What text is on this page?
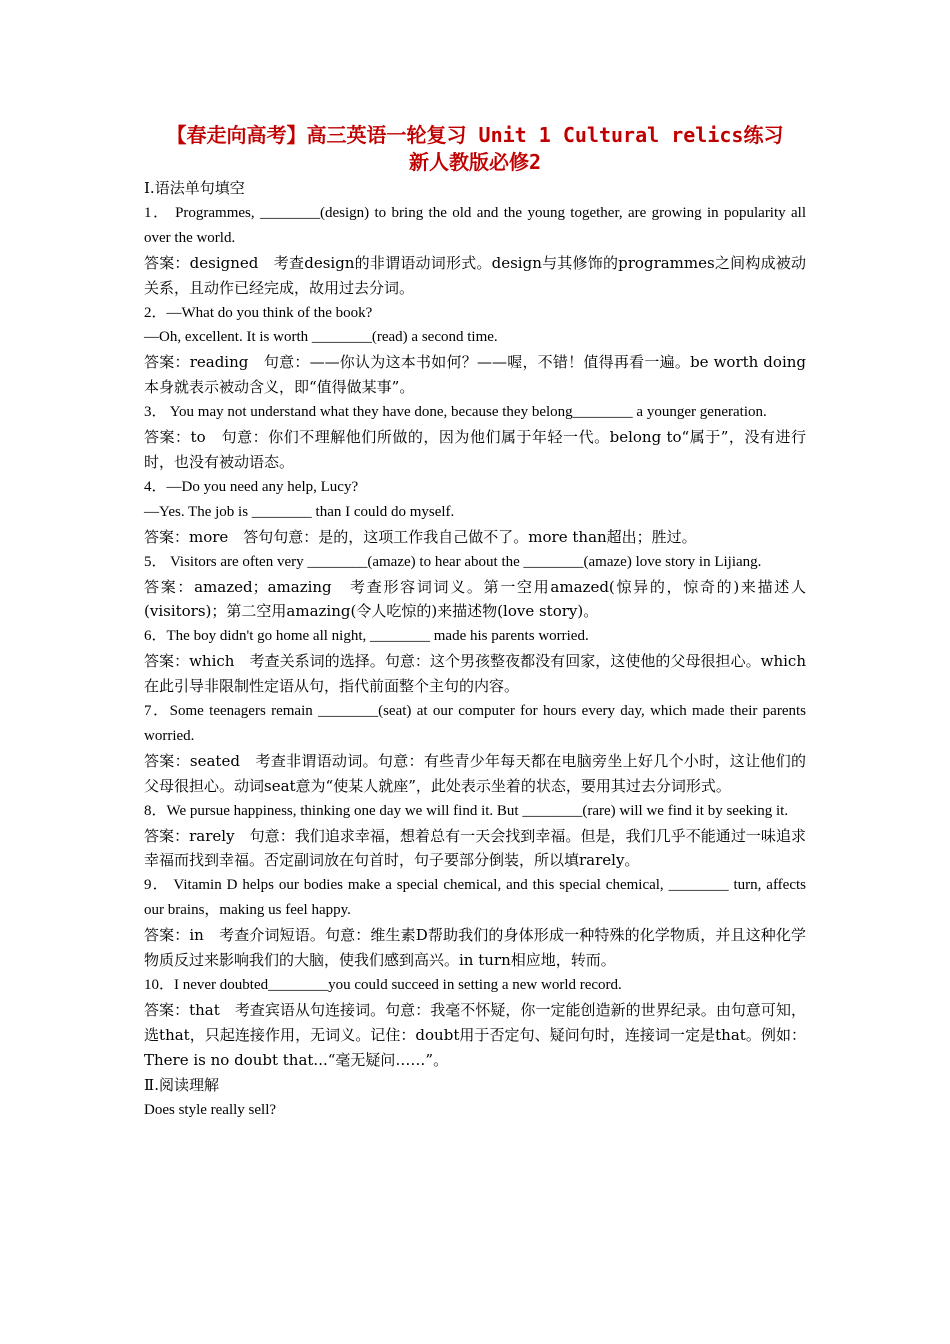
【春走向高考】高三英语一轮复习 Unit 1 Cultural relics练习
新人教版必修2

Ⅰ.语法单句填空

1． Programmes, ________(design) to bring the old and the young together, are growing in popularity all over the world.

答案：designed　考查design的非谓语动词形式。design与其修饰的programmes之间构成被动关系，且动作已经完成，故用过去分词。

2．—What do you think of the book?

—Oh, excellent. It is worth ________(read) a second time.

答案：reading　句意：——你认为这本书如何？——喔，不错！值得再看一遍。be worth doing本身就表示被动含义，即“值得做某事”。

3． You may not understand what they have done, because they belong________ a younger generation.

答案：to　句意：你们不理解他们所做的，因为他们属于年轻一代。belong to“属于”，没有进行时，也没有被动语态。

4．—Do you need any help, Lucy?

—Yes. The job is ________ than I could do myself.

答案：more　答句句意：是的，这项工作我自己做不了。more than超出；胜过。

5． Visitors are often very ________(amaze) to hear about the ________(amaze) love story in Lijiang.

答案：amazed；amazing　考查形容词词义。第一空用amazed(惊异的，惊奇的)来描述人(visitors)；第二空用amazing(令人吃惊的)来描述物(love story)。

6．The boy didn't go home all night, ________ made his parents worried.

答案：which　考查关系词的选择。句意：这个男孩整夜都没有回家，这使他的父母很担心。which在此引导非限制性定语从句，指代前面整个主句的内容。

7．Some teenagers remain ________(seat) at our computer for hours every day, which made their parents worried.

答案：seated　考查非谓语动词。句意：有些青少年每天都在电脑旁坐上好几个小时，这让他们的父母很担心。动词seat意为“使某人就座”，此处表示坐着的状态，要用其过去分词形式。

8．We pursue happiness, thinking one day we will find it. But ________(rare) will we find it by seeking it.

答案：rarely　句意：我们追求幸福，想着总有一天会找到幸福。但是，我们几乎不能通过一味追求幸福而找到幸福。否定副词放在句首时，句子要部分倒装，所以填rarely。

9． Vitamin D helps our bodies make a special chemical, and this special chemical, ________ turn, affects our brains，making us feel happy.

答案：in　考查介词短语。句意：维生素D帮助我们的身体形成一种特殊的化学物质，并且这种化学物质反过来影响我们的大脑，使我们感到高兴。in turn相应地，转而。

10．I never doubted________you could succeed in setting a new world record.

答案：that　考查宾语从句连接词。句意：我毫不怀疑，你一定能创造新的世界纪录。由句意可知，选that，只起连接作用，无词义。记住：doubt用于否定句、疑问句时，连接词一定是that。例如：There is no doubt that...“毫无疑问……”。

Ⅱ.阅读理解

Does style really sell?
